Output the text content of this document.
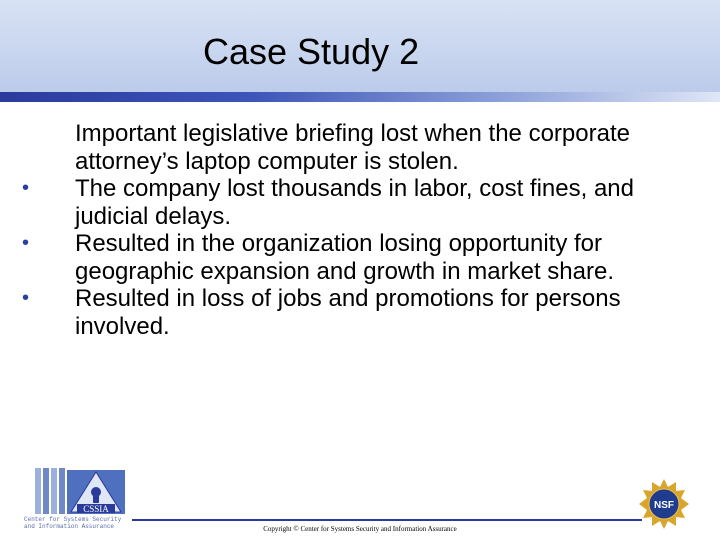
Case Study 2
Important legislative briefing lost when the corporate attorney’s laptop computer is stolen.
•	The company lost thousands in labor, cost fines, and judicial delays.
•	Resulted in the organization losing opportunity for geographic expansion and growth in market share.
•	Resulted in loss of jobs and promotions for persons involved.
CSSIA
Center for Systems Security
and Information Assurance	Copyright © Center for Systems Security and Information Assurance
NSF
